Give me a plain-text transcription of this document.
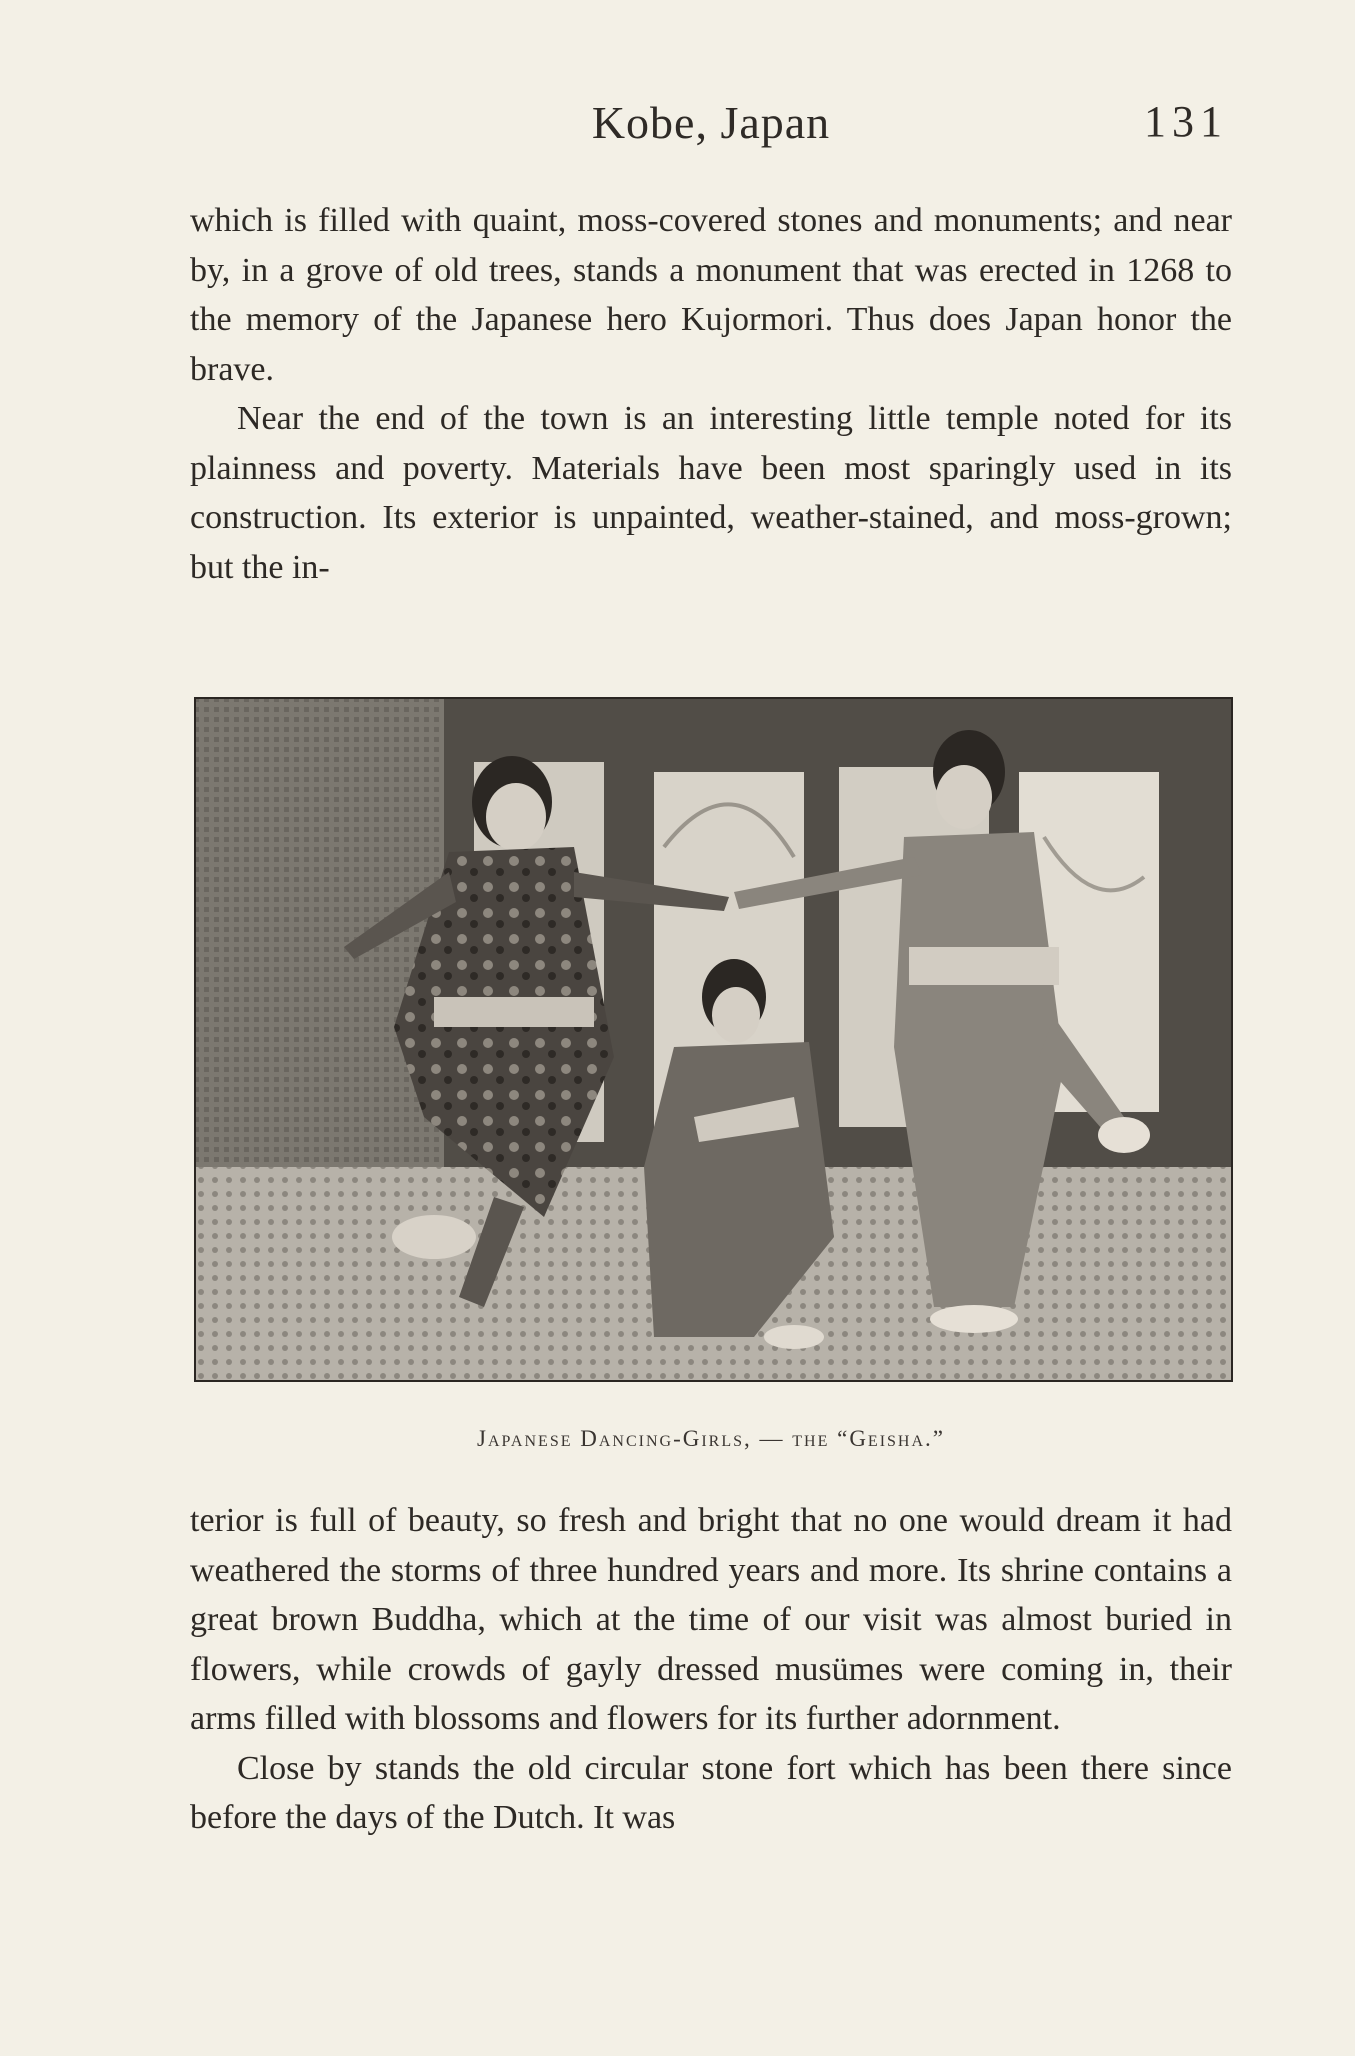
Kobe, Japan	131

which is filled with quaint, moss-covered stones and monuments; and near by, in a grove of old trees, stands a monument that was erected in 1268 to the memory of the Japanese hero Kujormori. Thus does Japan honor the brave.

Near the end of the town is an interesting little temple noted for its plainness and poverty. Materials have been most sparingly used in its construction. Its exterior is unpainted, weather-stained, and moss-grown; but the in-

Japanese Dancing-Girls, — the “Geisha.”

terior is full of beauty, so fresh and bright that no one would dream it had weathered the storms of three hundred years and more. Its shrine contains a great brown Buddha, which at the time of our visit was almost buried in flowers, while crowds of gayly dressed musümes were coming in, their arms filled with blossoms and flowers for its further adornment.

Close by stands the old circular stone fort which has been there since before the days of the Dutch. It was
